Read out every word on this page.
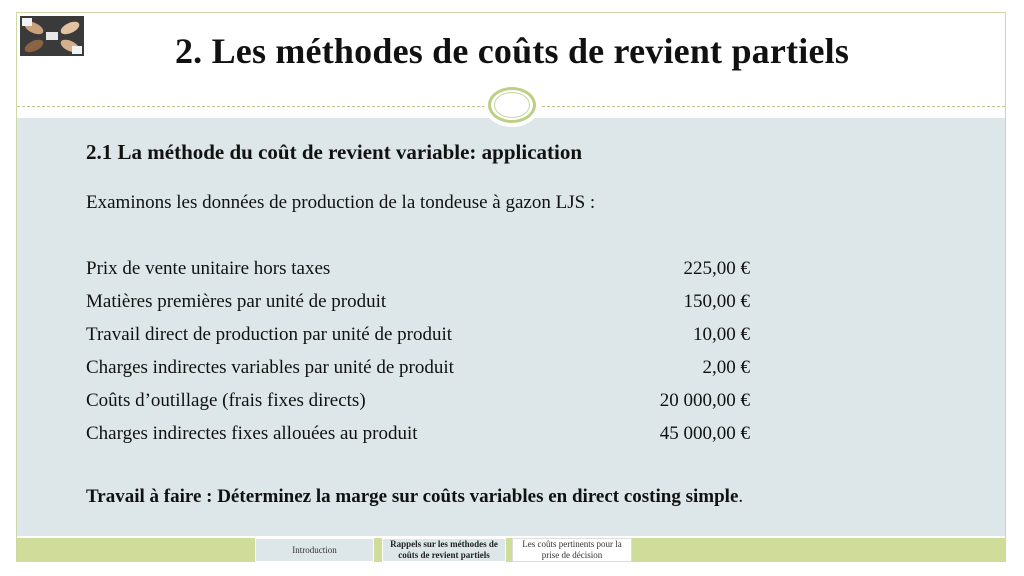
2. Les méthodes de coûts de revient partiels
2.1 La méthode du coût de revient variable: application
Examinons les données de production de la tondeuse à gazon LJS :
Prix de vente unitaire hors taxes	225,00 €
Matières premières par unité de produit	150,00 €
Travail direct de production par unité de produit	10,00 €
Charges indirectes variables par unité de produit	2,00 €
Coûts d’outillage (frais fixes directs)	20 000,00 €
Charges indirectes fixes allouées au produit	45 000,00 €
Travail à faire : Déterminez la marge sur coûts variables en direct costing simple.
Introduction
Rappels sur les méthodes de coûts de revient partiels
Les coûts pertinents pour la prise de décision
